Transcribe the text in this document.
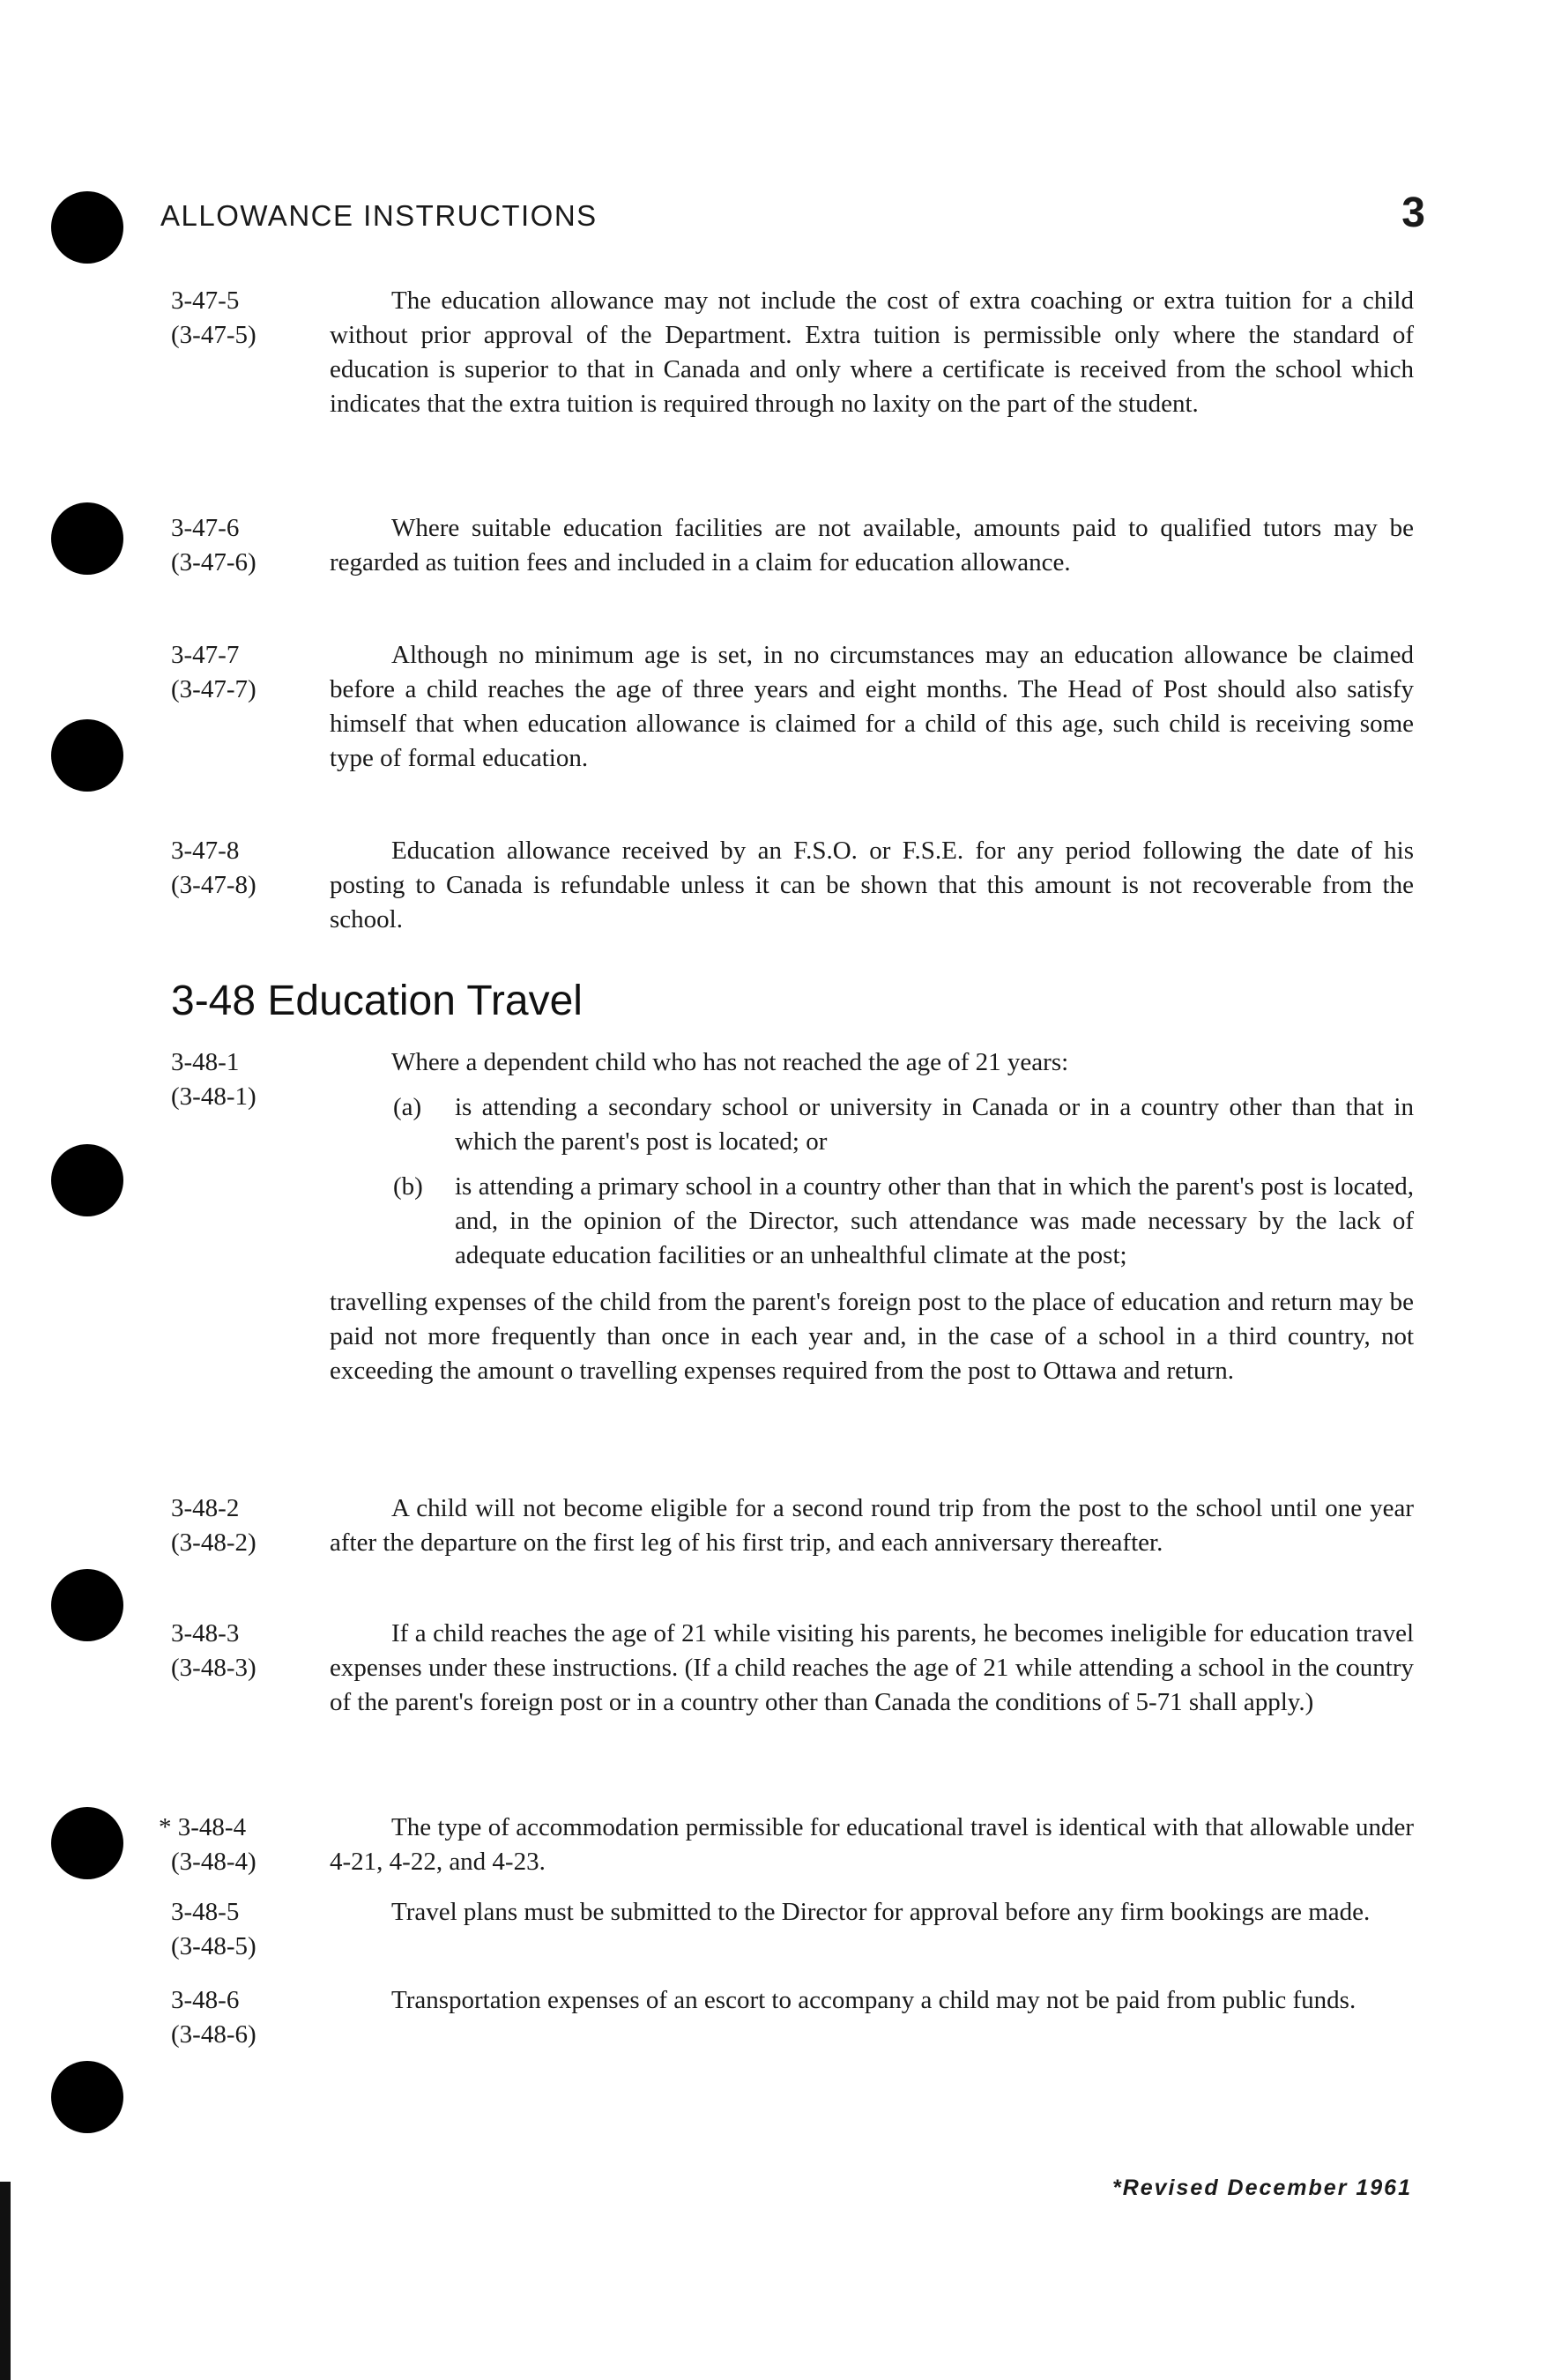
ALLOWANCE INSTRUCTIONS	3
3-47-5
(3-47-5)

The education allowance may not include the cost of extra coaching or extra tuition for a child without prior approval of the Department. Extra tuition is permissible only where the standard of education is superior to that in Canada and only where a certificate is received from the school which indicates that the extra tuition is required through no laxity on the part of the student.

3-47-6
(3-47-6)

Where suitable education facilities are not available, amounts paid to qualified tutors may be regarded as tuition fees and included in a claim for education allowance.

3-47-7
(3-47-7)

Although no minimum age is set, in no circumstances may an education allowance be claimed before a child reaches the age of three years and eight months. The Head of Post should also satisfy himself that when education allowance is claimed for a child of this age, such child is receiving some type of formal education.

3-47-8
(3-47-8)

Education allowance received by an F.S.O. or F.S.E. for any period following the date of his posting to Canada is refundable unless it can be shown that this amount is not recoverable from the school.

3-48 Education Travel
3-48-1
(3-48-1)

Where a dependent child who has not reached the age of 21 years:

(a) is attending a secondary school or university in Canada or in a country other than that in which the parent's post is located; or
(b) is attending a primary school in a country other than that in which the parent's post is located, and, in the opinion of the Director, such attendance was made necessary by the lack of adequate education facilities or an unhealthful climate at the post;

travelling expenses of the child from the parent's foreign post to the place of education and return may be paid not more frequently than once in each year and, in the case of a school in a third country, not exceeding the amount o travelling expenses required from the post to Ottawa and return.

3-48-2
(3-48-2)

A child will not become eligible for a second round trip from the post to the school until one year after the departure on the first leg of his first trip, and each anniversary thereafter.

3-48-3
(3-48-3)

If a child reaches the age of 21 while visiting his parents, he becomes ineligible for education travel expenses under these instructions. (If a child reaches the age of 21 while attending a school in the country of the parent's foreign post or in a country other than Canada the conditions of 5-71 shall apply.)

* 3-48-4
(3-48-4)

The type of accommodation permissible for educational travel is identical with that allowable under 4-21, 4-22, and 4-23.

3-48-5
(3-48-5)

Travel plans must be submitted to the Director for approval before any firm bookings are made.

3-48-6
(3-48-6)

Transportation expenses of an escort to accompany a child may not be paid from public funds.

*Revised December 1961
